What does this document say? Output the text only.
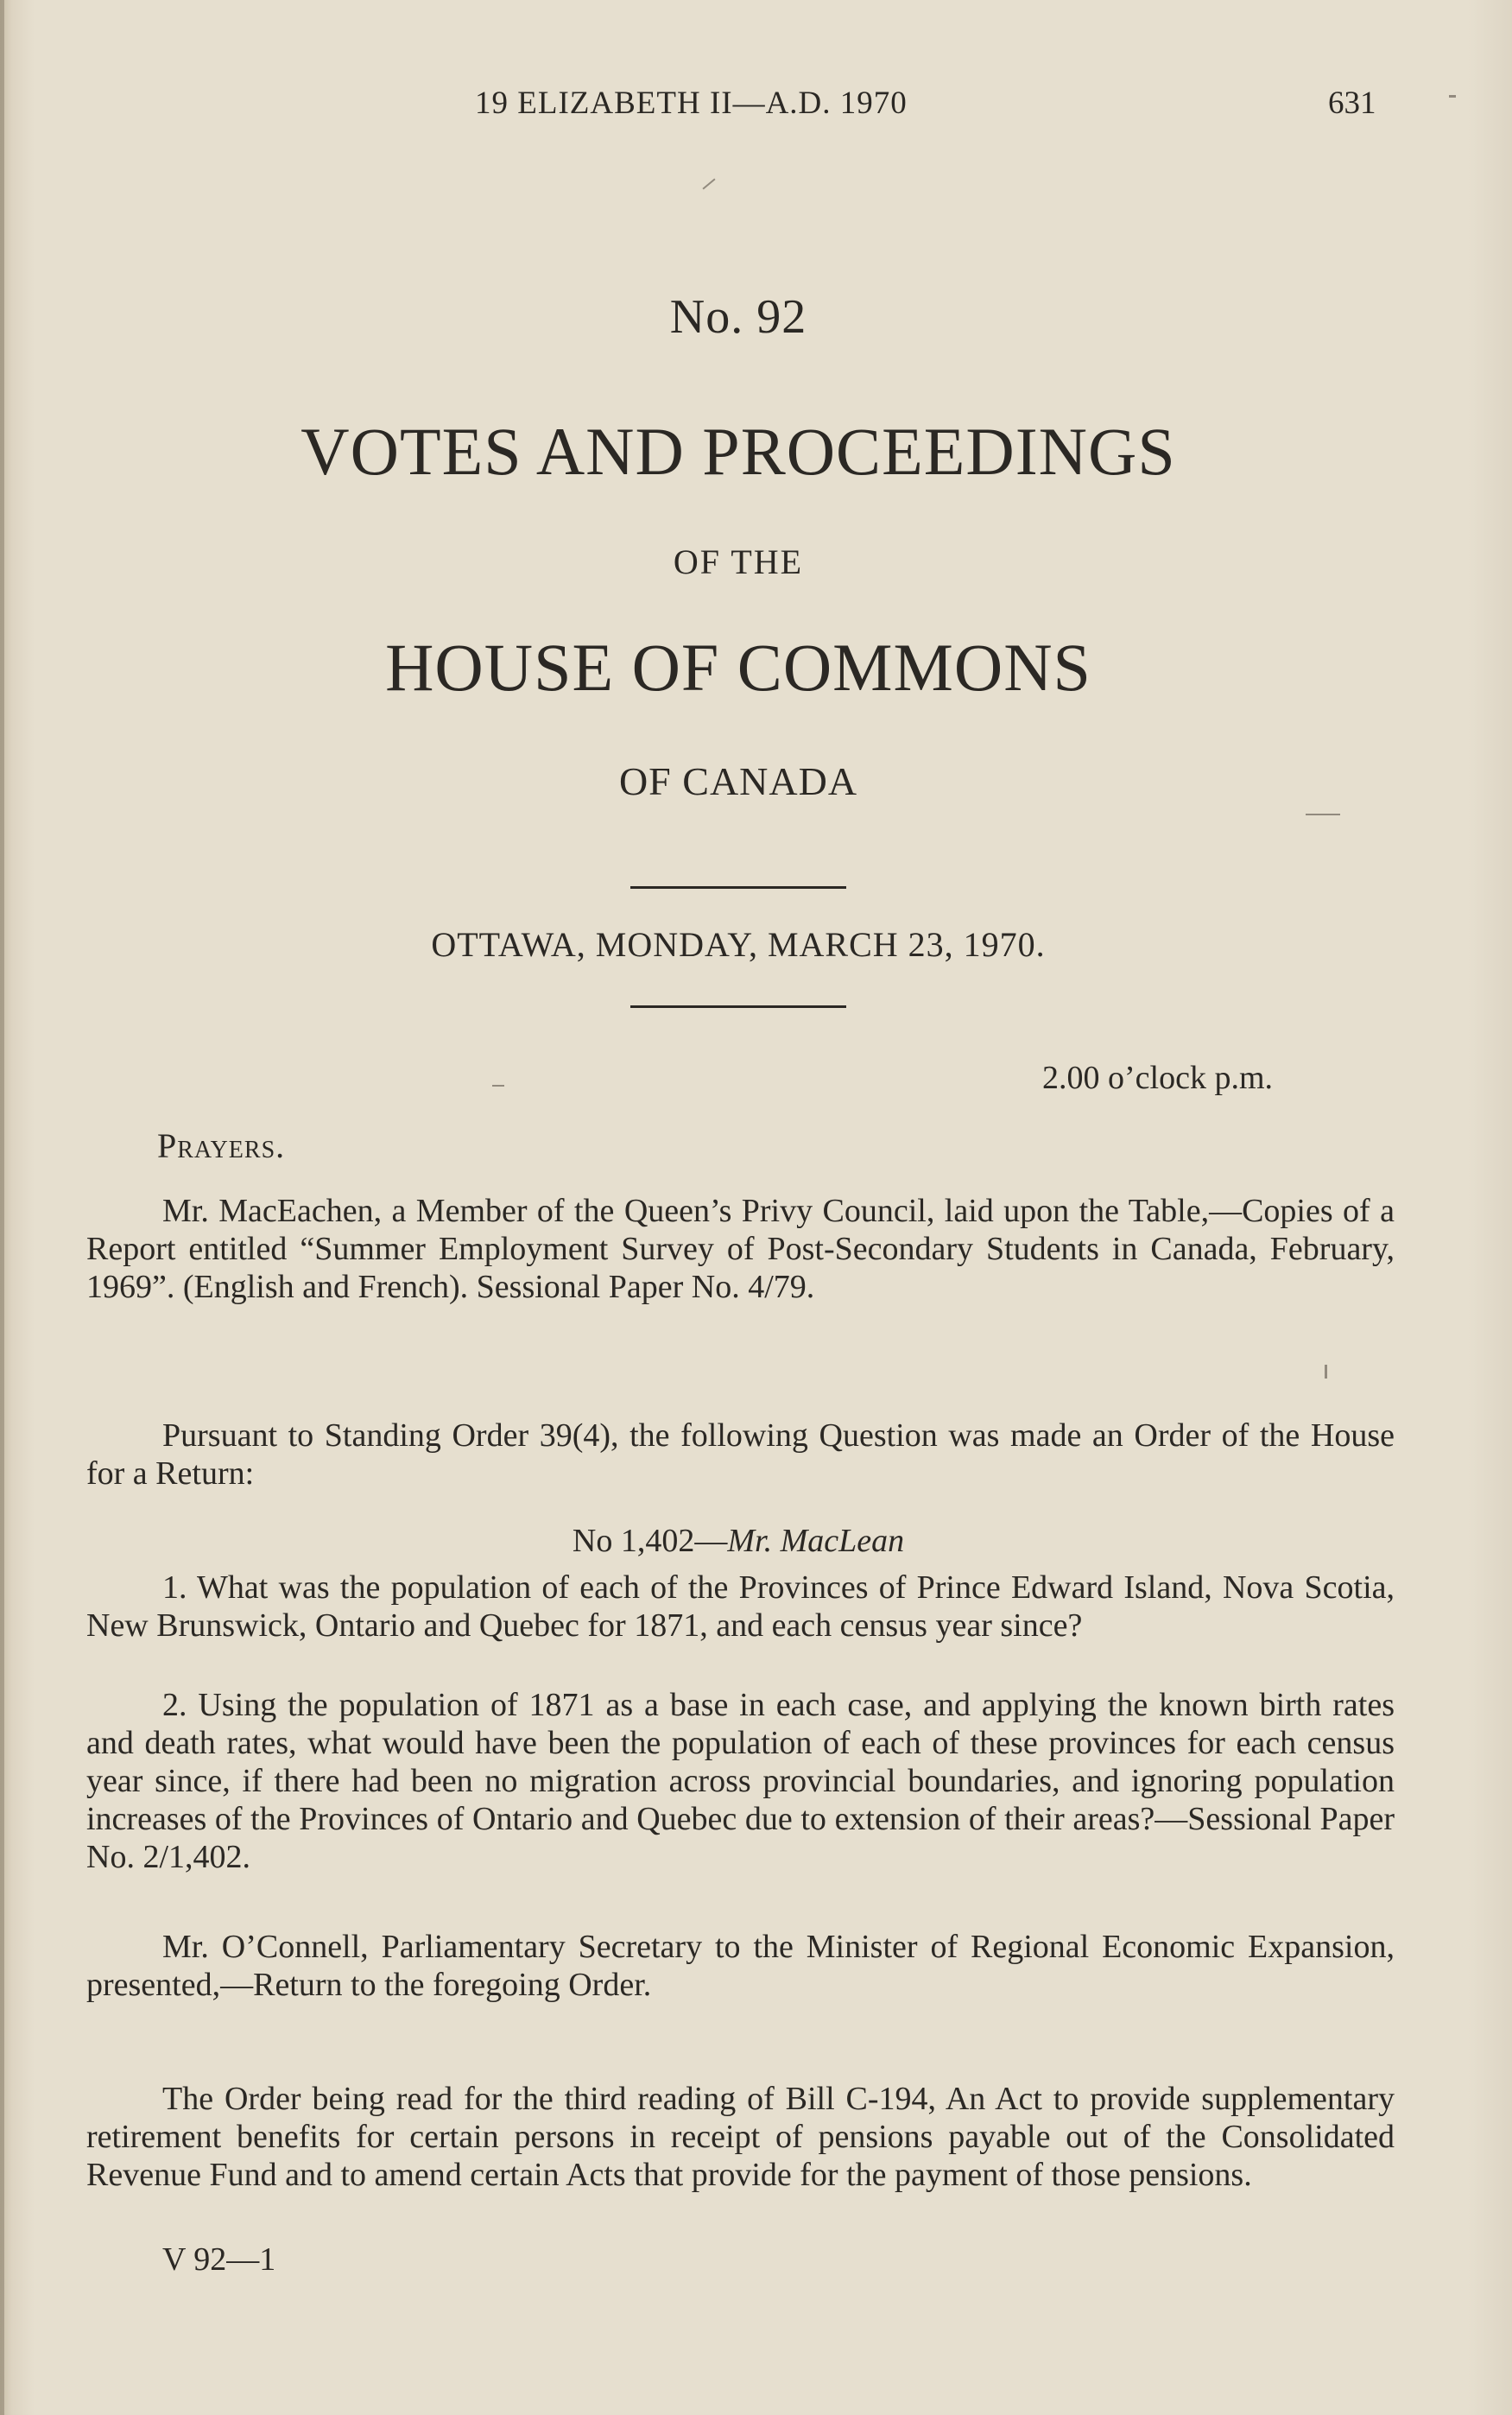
19 ELIZABETH II—A.D. 1970	631
No. 92
VOTES AND PROCEEDINGS
OF THE
HOUSE OF COMMONS
OF CANADA
OTTAWA, MONDAY, MARCH 23, 1970.
2.00 o’clock p.m.
Prayers.
Mr. MacEachen, a Member of the Queen’s Privy Council, laid upon the Table,—Copies of a Report entitled “Summer Employment Survey of Post-Secondary Students in Canada, February, 1969”. (English and French). Sessional Paper No. 4/79.
Pursuant to Standing Order 39(4), the following Question was made an Order of the House for a Return:
No 1,402—Mr. MacLean
1. What was the population of each of the Provinces of Prince Edward Island, Nova Scotia, New Brunswick, Ontario and Quebec for 1871, and each census year since?
2. Using the population of 1871 as a base in each case, and applying the known birth rates and death rates, what would have been the population of each of these provinces for each census year since, if there had been no migration across provincial boundaries, and ignoring population increases of the Provinces of Ontario and Quebec due to extension of their areas?—Sessional Paper No. 2/1,402.
Mr. O’Connell, Parliamentary Secretary to the Minister of Regional Economic Expansion, presented,—Return to the foregoing Order.
The Order being read for the third reading of Bill C-194, An Act to provide supplementary retirement benefits for certain persons in receipt of pensions payable out of the Consolidated Revenue Fund and to amend certain Acts that provide for the payment of those pensions.
V 92—1
